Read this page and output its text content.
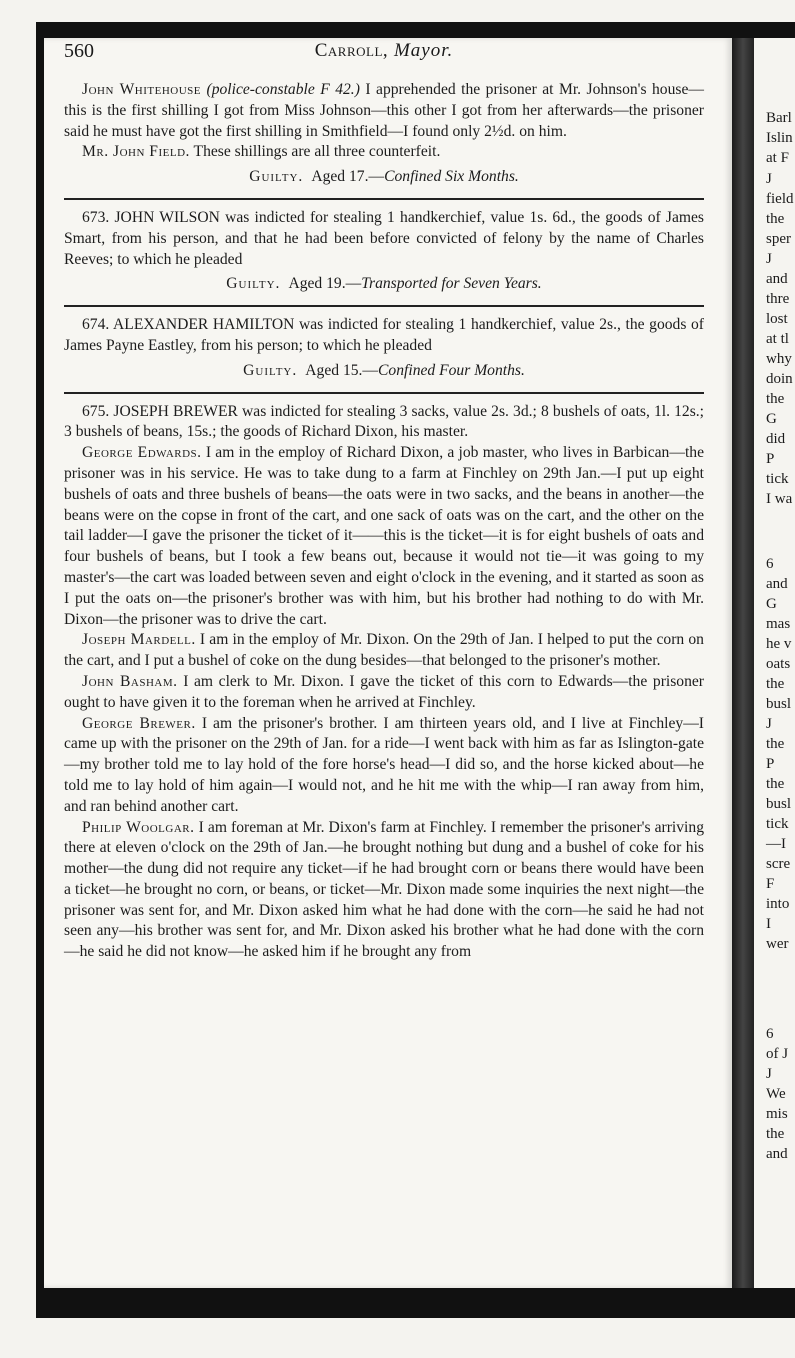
Barl
Islin
at F
J
field
the
sper
J
and
thre
lost
at tl
why
doin
the
G
did
P
tick
I wa
6
and
G
mas
he v
oats
the
busl
J
the
P
the
busl
tick
—I
scre
F
into
I
wer
6
of J
J
We
mis
the
and
560	Carroll, Mayor.

John Whitehouse (police-constable F 42.) I apprehended the prisoner at Mr. Johnson's house—this is the first shilling I got from Miss Johnson—this other I got from her afterwards—the prisoner said he must have got the first shilling in Smithfield—I found only 2½d. on him.

Mr. John Field. These shillings are all three counterfeit.

Guilty. Aged 17.—Confined Six Months.

673. JOHN WILSON was indicted for stealing 1 handkerchief, value 1s. 6d., the goods of James Smart, from his person, and that he had been before convicted of felony by the name of Charles Reeves; to which he pleaded

Guilty. Aged 19.—Transported for Seven Years.

674. ALEXANDER HAMILTON was indicted for stealing 1 handkerchief, value 2s., the goods of James Payne Eastley, from his person; to which he pleaded

Guilty. Aged 15.—Confined Four Months.

675. JOSEPH BREWER was indicted for stealing 3 sacks, value 2s. 3d.; 8 bushels of oats, 1l. 12s.; 3 bushels of beans, 15s.; the goods of Richard Dixon, his master.

George Edwards. I am in the employ of Richard Dixon, a job master, who lives in Barbican—the prisoner was in his service. He was to take dung to a farm at Finchley on 29th Jan.—I put up eight bushels of oats and three bushels of beans—the oats were in two sacks, and the beans in another—the beans were on the copse in front of the cart, and one sack of oats was on the cart, and the other on the tail ladder—I gave the prisoner the ticket of it——this is the ticket—it is for eight bushels of oats and four bushels of beans, but I took a few beans out, because it would not tie—it was going to my master's—the cart was loaded between seven and eight o'clock in the evening, and it started as soon as I put the oats on—the prisoner's brother was with him, but his brother had nothing to do with Mr. Dixon—the prisoner was to drive the cart.

Joseph Mardell. I am in the employ of Mr. Dixon. On the 29th of Jan. I helped to put the corn on the cart, and I put a bushel of coke on the dung besides—that belonged to the prisoner's mother.

John Basham. I am clerk to Mr. Dixon. I gave the ticket of this corn to Edwards—the prisoner ought to have given it to the foreman when he arrived at Finchley.

George Brewer. I am the prisoner's brother. I am thirteen years old, and I live at Finchley—I came up with the prisoner on the 29th of Jan. for a ride—I went back with him as far as Islington-gate—my brother told me to lay hold of the fore horse's head—I did so, and the horse kicked about—he told me to lay hold of him again—I would not, and he hit me with the whip—I ran away from him, and ran behind another cart.

Philip Woolgar. I am foreman at Mr. Dixon's farm at Finchley. I remember the prisoner's arriving there at eleven o'clock on the 29th of Jan.—he brought nothing but dung and a bushel of coke for his mother—the dung did not require any ticket—if he had brought corn or beans there would have been a ticket—he brought no corn, or beans, or ticket—Mr. Dixon made some inquiries the next night—the prisoner was sent for, and Mr. Dixon asked him what he had done with the corn—he said he had not seen any—his brother was sent for, and Mr. Dixon asked his brother what he had done with the corn—he said he did not know—he asked him if he brought any from
